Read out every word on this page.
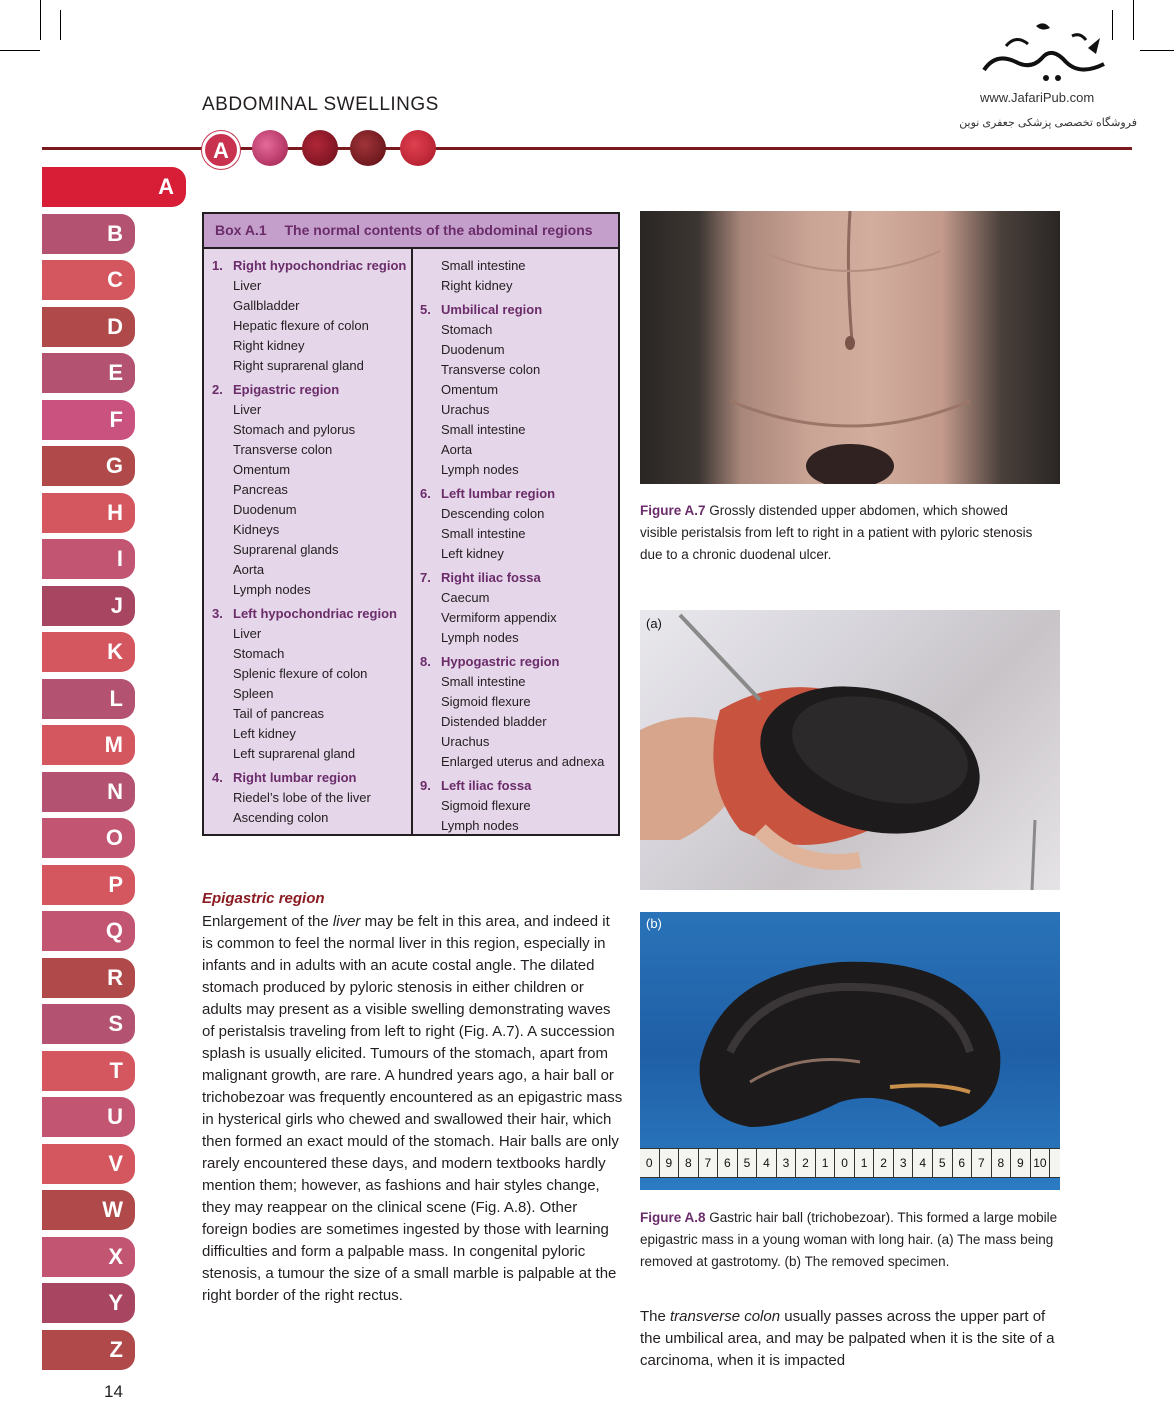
www.JafariPub.com
فروشگاه تخصصی پزشکی جعفری نوین
ABDOMINAL SWELLINGS
A
A
B
C
D
E
F
G
H
I
J
K
L
M
N
O
P
Q
R
S
T
U
V
W
X
Y
Z
14
Box A.1 The normal contents of the abdominal regions
1. Right hypochondriac region
Liver
Gallbladder
Hepatic flexure of colon
Right kidney
Right suprarenal gland
2. Epigastric region
Liver
Stomach and pylorus
Transverse colon
Omentum
Pancreas
Duodenum
Kidneys
Suprarenal glands
Aorta
Lymph nodes
3. Left hypochondriac region
Liver
Stomach
Splenic flexure of colon
Spleen
Tail of pancreas
Left kidney
Left suprarenal gland
4. Right lumbar region
Riedel’s lobe of the liver
Ascending colon
Small intestine
Right kidney
5. Umbilical region
Stomach
Duodenum
Transverse colon
Omentum
Urachus
Small intestine
Aorta
Lymph nodes
6. Left lumbar region
Descending colon
Small intestine
Left kidney
7. Right iliac fossa
Caecum
Vermiform appendix
Lymph nodes
8. Hypogastric region
Small intestine
Sigmoid flexure
Distended bladder
Urachus
Enlarged uterus and adnexa
9. Left iliac fossa
Sigmoid flexure
Lymph nodes
Figure A.7 Grossly distended upper abdomen, which showed visible peristalsis from left to right in a patient with pyloric stenosis due to a chronic duodenal ulcer.
(a)
(b)
0	9	8	7	6	5	4	3	2	1	0	1	2	3	4	5	6	7	8	9 10
Figure A.8 Gastric hair ball (trichobezoar). This formed a large mobile epigastric mass in a young woman with long hair. (a) The mass being removed at gastrotomy. (b) The removed specimen.
Epigastric region
Enlargement of the liver may be felt in this area, and indeed it is common to feel the normal liver in this region, especially in infants and in adults with an acute costal angle. The dilated stomach produced by pyloric stenosis in either children or adults may present as a visible swelling demonstrating waves of peristalsis traveling from left to right (Fig. A.7). A succession splash is usually elicited. Tumours of the stomach, apart from malignant growth, are rare. A hundred years ago, a hair ball or trichobezoar was frequently encountered as an epigastric mass in hysterical girls who chewed and swallowed their hair, which then formed an exact mould of the stomach. Hair balls are only rarely encountered these days, and modern textbooks hardly mention them; however, as fashions and hair styles change, they may reappear on the clinical scene (Fig. A.8). Other foreign bodies are sometimes ingested by those with learning difficulties and form a palpable mass. In congenital pyloric stenosis, a tumour the size of a small marble is palpable at the right border of the right rectus.
The transverse colon usually passes across the upper part of the umbilical area, and may be palpated when it is the site of a carcinoma, when it is impacted
